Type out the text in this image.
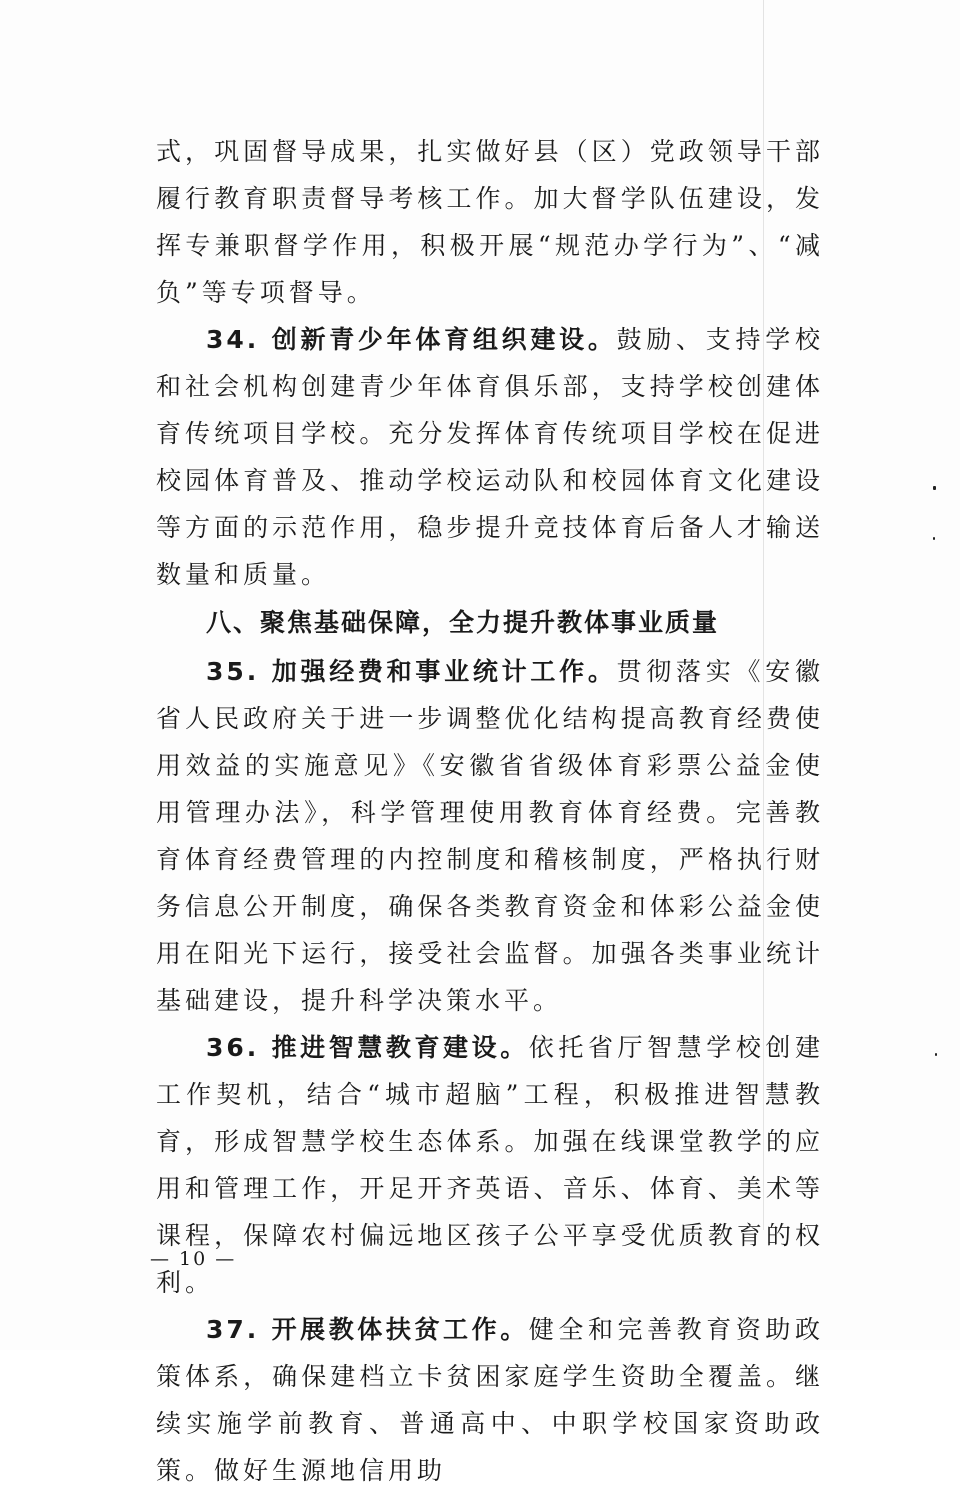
式，巩固督导成果，扎实做好县（区）党政领导干部履行教育职责督导考核工作。加大督学队伍建设，发挥专兼职督学作用，积极开展“规范办学行为”、“减负”等专项督导。

34. 创新青少年体育组织建设。鼓励、支持学校和社会机构创建青少年体育俱乐部，支持学校创建体育传统项目学校。充分发挥体育传统项目学校在促进校园体育普及、推动学校运动队和校园体育文化建设等方面的示范作用，稳步提升竞技体育后备人才输送数量和质量。

八、聚焦基础保障，全力提升教体事业质量

35. 加强经费和事业统计工作。贯彻落实《安徽省人民政府关于进一步调整优化结构提高教育经费使用效益的实施意见》《安徽省省级体育彩票公益金使用管理办法》，科学管理使用教育体育经费。完善教育体育经费管理的内控制度和稽核制度，严格执行财务信息公开制度，确保各类教育资金和体彩公益金使用在阳光下运行，接受社会监督。加强各类事业统计基础建设，提升科学决策水平。

36. 推进智慧教育建设。依托省厅智慧学校创建工作契机，结合“城市超脑”工程，积极推进智慧教育，形成智慧学校生态体系。加强在线课堂教学的应用和管理工作，开足开齐英语、音乐、体育、美术等课程，保障农村偏远地区孩子公平享受优质教育的权利。

37. 开展教体扶贫工作。健全和完善教育资助政策体系，确保建档立卡贫困家庭学生资助全覆盖。继续实施学前教育、普通高中、中职学校国家资助政策。做好生源地信用助

— 10 —
